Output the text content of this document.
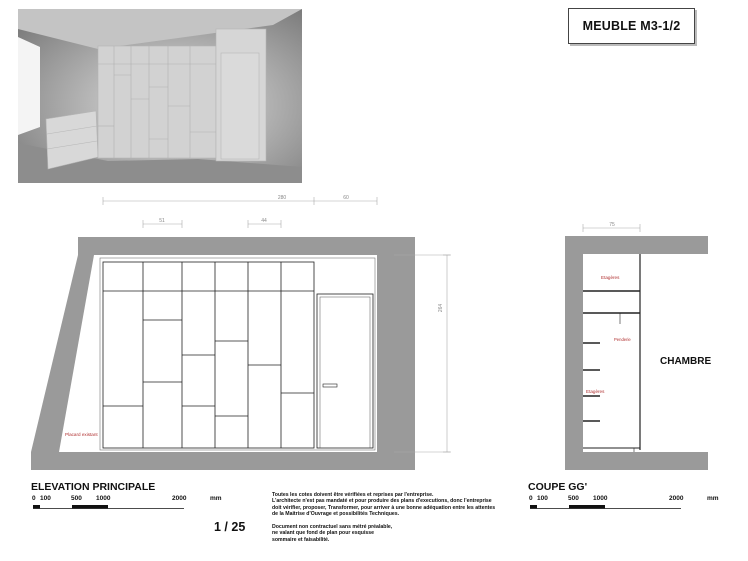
MEUBLE M3-1/2
280	60
51	44
264
Placard existant
75
Etagères
Penderie
Etagères
CHAMBRE
ELEVATION PRINCIPALE	COUPE GG'
0 100	500 1000	2000	mm	0 100	500 1000	2000	mm
Toutes les cotes doivent être vérifiées et reprises par l'entreprise.
L'architecte n'est pas mandaté et pour produire des plans d'executions, donc l'entreprise
doit vérifier, proposer, Transformer, pour arriver à une bonne adéquation entre les attentes
de la Maitrise d'Ouvrage et possibilités Techniques.
Document non contractuel sans métré préalable,
ne valant que fond de plan pour esquisse
sommaire et faisabilité.
1 / 25
